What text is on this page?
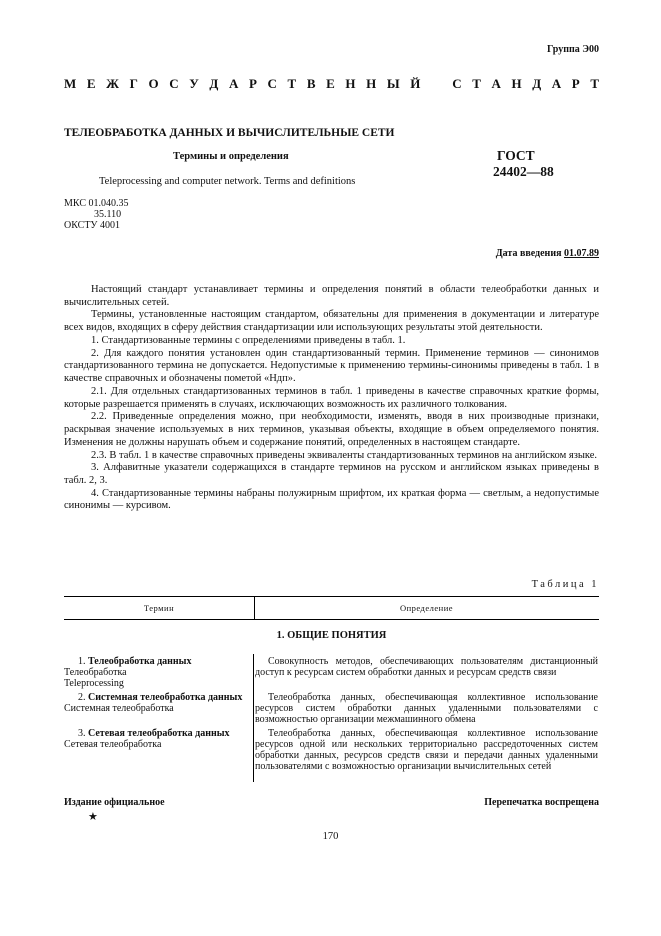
Группа Э00
М Е Ж Г О С У Д А Р С Т В Е Н Н Ы Й С Т А Н Д А Р Т
ТЕЛЕОБРАБОТКА ДАННЫХ И ВЫЧИСЛИТЕЛЬНЫЕ СЕТИ
Термины и определения	ГОСТ
24402—88
Teleprocessing and computer network. Terms and definitions
МКС 01.040.35
35.110
ОКСТУ 4001
Дата введения 01.07.89

Настоящий стандарт устанавливает термины и определения понятий в области телеобработки данных и вычислительных сетей.

Термины, установленные настоящим стандартом, обязательны для применения в документации и литературе всех видов, входящих в сферу действия стандартизации или использующих результаты этой деятельности.

1. Стандартизованные термины с определениями приведены в табл. 1.

2. Для каждого понятия установлен один стандартизованный термин. Применение терминов — синонимов стандартизованного термина не допускается. Недопустимые к применению термины-синонимы приведены в табл. 1 в качестве справочных и обозначены пометой «Ндп».

2.1. Для отдельных стандартизованных терминов в табл. 1 приведены в качестве справочных краткие формы, которые разрешается применять в случаях, исключающих возможность их различного толкования.

2.2. Приведенные определения можно, при необходимости, изменять, вводя в них производные признаки, раскрывая значение используемых в них терминов, указывая объекты, входящие в объем определяемого понятия. Изменения не должны нарушать объем и содержание понятий, определенных в настоящем стандарте.

2.3. В табл. 1 в качестве справочных приведены эквиваленты стандартизованных терминов на английском языке.

3. Алфавитные указатели содержащихся в стандарте терминов на русском и английском языках приведены в табл. 2, 3.

4. Стандартизованные термины набраны полужирным шрифтом, их краткая форма — светлым, а недопустимые синонимы — курсивом.

Таблица 1
Термин	Определение
1. ОБЩИЕ ПОНЯТИЯ
1. Телеобработка данных
Телеобработка
Teleprocessing
Совокупность методов, обеспечивающих пользователям дистанционный доступ к ресурсам систем обработки данных и ресурсам средств связи
2. Системная телеобработка данных
Системная телеобработка
Телеобработка данных, обеспечивающая коллективное использование ресурсов систем обработки данных удаленными пользователями с возможностью организации межмашинного обмена
3. Сетевая телеобработка данных
Сетевая телеобработка
Телеобработка данных, обеспечивающая коллективное использование ресурсов одной или нескольких территориально рассредоточенных систем обработки данных, ресурсов средств связи и передачи данных удаленными пользователями с возможностью организации вычислительных сетей
Издание официальное
★
Перепечатка воспрещена
170
